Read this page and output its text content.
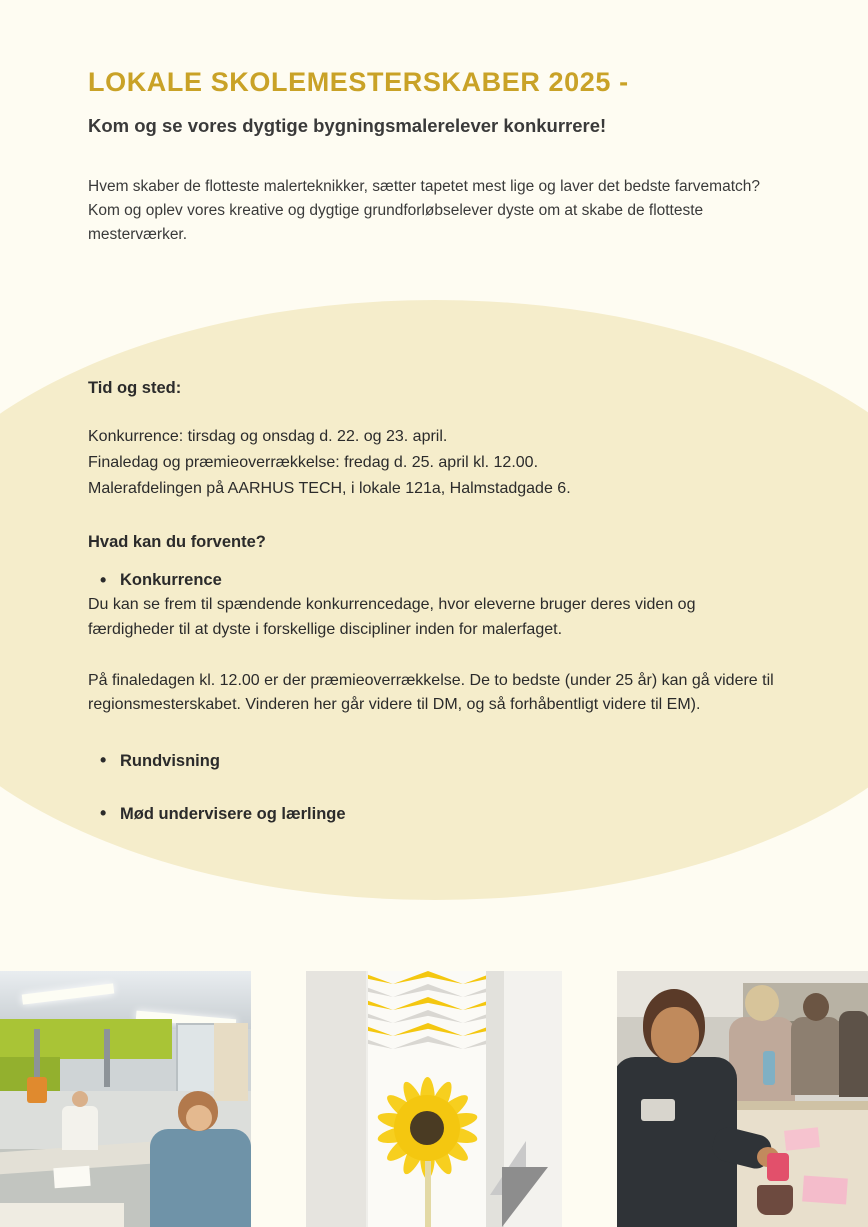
LOKALE SKOLEMESTERSKABER 2025 -
Kom og se vores dygtige bygningsmalerelever konkurrere!

Hvem skaber de flotteste malerteknikker, sætter tapetet mest lige og laver det bedste farvematch? Kom og oplev vores kreative og dygtige grundforløbselever dyste om at skabe de flotteste mesterværker.

Tid og sted:
Konkurrence: tirsdag og onsdag d. 22. og 23. april.
Finaledag og præmieoverrækkelse: fredag d. 25. april kl. 12.00.
Malerafdelingen på AARHUS TECH, i lokale 121a, Halmstadgade 6.
Hvad kan du forvente?
• Konkurrence

Du kan se frem til spændende konkurrencedage, hvor eleverne bruger deres viden og færdigheder til at dyste i forskellige discipliner inden for malerfaget.

På finaledagen kl. 12.00 er der præmieoverrækkelse. De to bedste (under 25 år) kan gå videre til regionsmesterskabet. Vinderen her går videre til DM, og så forhåbentligt videre til EM).

• Rundvisning
• Mød undervisere og lærlinge
